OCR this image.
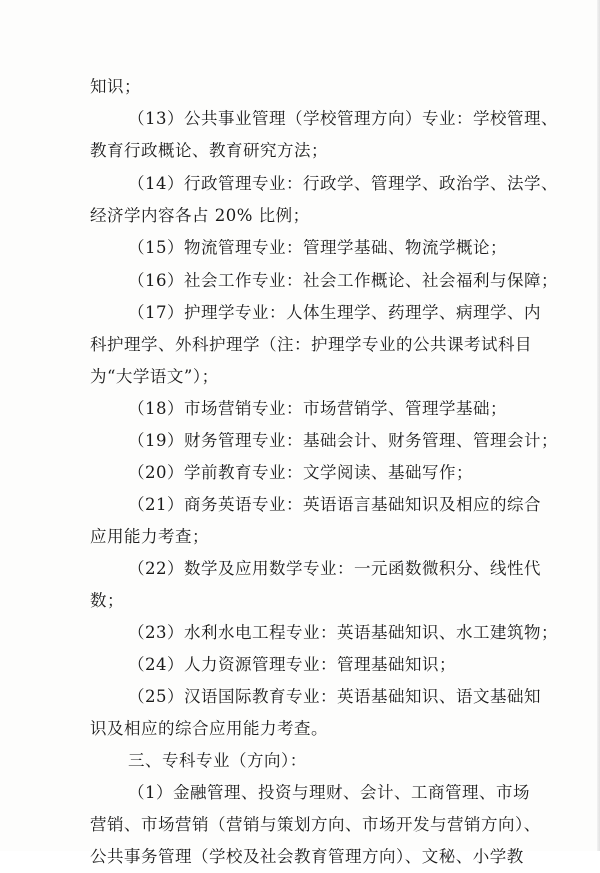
知识；
（13）公共事业管理（学校管理方向）专业：学校管理、
教育行政概论、教育研究方法；
（14）行政管理专业：行政学、管理学、政治学、法学、
经济学内容各占 20% 比例；
（15）物流管理专业：管理学基础、物流学概论；
（16）社会工作专业：社会工作概论、社会福利与保障；
（17）护理学专业：人体生理学、药理学、病理学、内
科护理学、外科护理学（注：护理学专业的公共课考试科目
为“大学语文”）；
（18）市场营销专业：市场营销学、管理学基础；
（19）财务管理专业：基础会计、财务管理、管理会计；
（20）学前教育专业：文学阅读、基础写作；
（21）商务英语专业：英语语言基础知识及相应的综合
应用能力考查；
（22）数学及应用数学专业：一元函数微积分、线性代
数；
（23）水利水电工程专业：英语基础知识、水工建筑物；
（24）人力资源管理专业：管理基础知识；
（25）汉语国际教育专业：英语基础知识、语文基础知
识及相应的综合应用能力考查。
三、专科专业（方向）：
（1）金融管理、投资与理财、会计、工商管理、市场
营销、市场营销（营销与策划方向、市场开发与营销方向）、
公共事务管理（学校及社会教育管理方向）、文秘、小学教
